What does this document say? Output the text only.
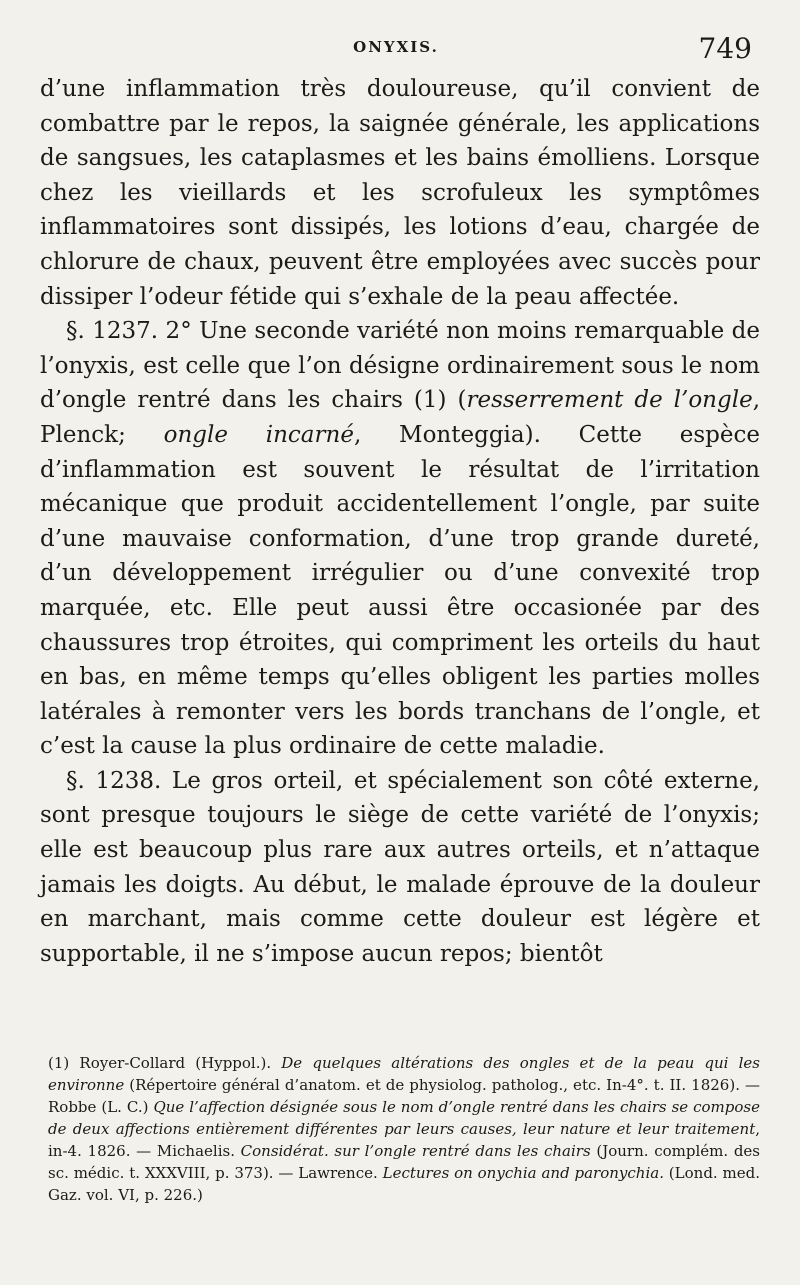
ONYXIS.	749

d’une inflammation très douloureuse, qu’il convient de combattre par le repos, la saignée générale, les applications de sangsues, les cataplasmes et les bains émolliens. Lorsque chez les vieillards et les scrofuleux les symptômes inflammatoires sont dissipés, les lotions d’eau, chargée de chlorure de chaux, peuvent être employées avec succès pour dissiper l’odeur fétide qui s’exhale de la peau affectée.

§. 1237. 2° Une seconde variété non moins remarquable de l’onyxis, est celle que l’on désigne ordinairement sous le nom d’ongle rentré dans les chairs (1) (resserrement de l’ongle, Plenck; ongle incarné, Monteggia). Cette espèce d’inflammation est souvent le résultat de l’irritation mécanique que produit accidentellement l’ongle, par suite d’une mauvaise conformation, d’une trop grande dureté, d’un développement irrégulier ou d’une convexité trop marquée, etc. Elle peut aussi être occasionée par des chaussures trop étroites, qui compriment les orteils du haut en bas, en même temps qu’elles obligent les parties molles latérales à remonter vers les bords tranchans de l’ongle, et c’est la cause la plus ordinaire de cette maladie.

§. 1238. Le gros orteil, et spécialement son côté externe, sont presque toujours le siège de cette variété de l’onyxis; elle est beaucoup plus rare aux autres orteils, et n’attaque jamais les doigts. Au début, le malade éprouve de la douleur en marchant, mais comme cette douleur est légère et supportable, il ne s’impose aucun repos; bientôt

(1) Royer-Collard (Hyppol.). De quelques altérations des ongles et de la peau qui les environne (Répertoire général d’anatom. et de physiolog. patholog., etc. In-4°. t. II. 1826). — Robbe (L. C.) Que l’affection désignée sous le nom d’ongle rentré dans les chairs se compose de deux affections entièrement différentes par leurs causes, leur nature et leur traitement, in-4. 1826. — Michaelis. Considérat. sur l’ongle rentré dans les chairs (Journ. complém. des sc. médic. t. XXXVIII, p. 373). — Lawrence. Lectures on onychia and paronychia. (Lond. med. Gaz. vol. VI, p. 226.)
